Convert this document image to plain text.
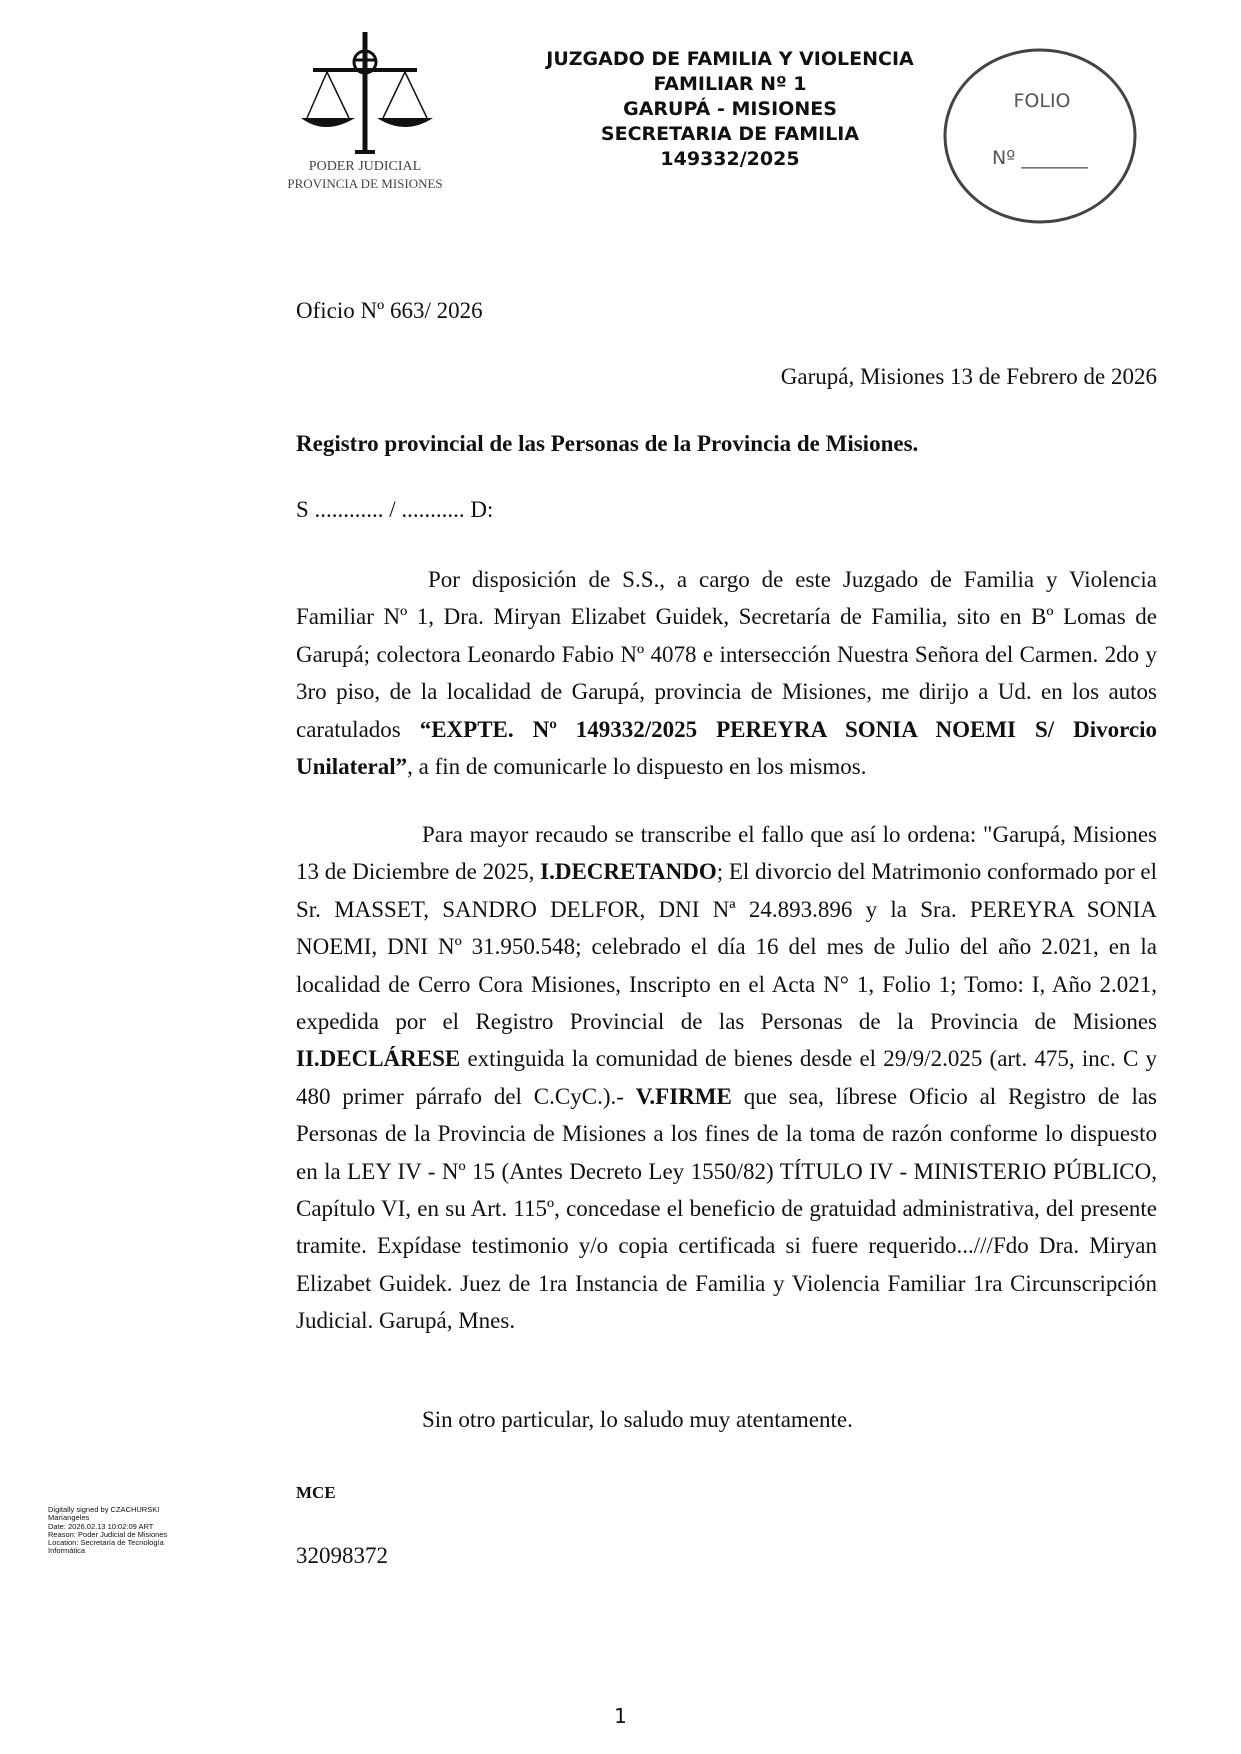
PODER JUDICIAL
PROVINCIA DE MISIONES
JUZGADO DE FAMILIA Y VIOLENCIA
FAMILIAR Nº 1
GARUPÁ - MISIONES
SECRETARIA DE FAMILIA
149332/2025
FOLIO
Nº _______
Oficio Nº 663/ 2026
Garupá, Misiones 13 de Febrero de 2026
Registro provincial de las Personas de la Provincia de Misiones.
S ............ / ........... D:
Por disposición de S.S., a cargo de este Juzgado de Familia y Violencia Familiar Nº 1, Dra. Miryan Elizabet Guidek, Secretaría de Familia, sito en Bº Lomas de Garupá; colectora Leonardo Fabio Nº 4078 e intersección Nuestra Señora del Carmen. 2do y 3ro piso, de la localidad de Garupá, provincia de Misiones, me dirijo a Ud. en los autos caratulados “EXPTE. Nº 149332/2025 PEREYRA SONIA NOEMI S/ Divorcio Unilateral”, a fin de comunicarle lo dispuesto en los mismos.
Para mayor recaudo se transcribe el fallo que así lo ordena: "Garupá, Misiones 13 de Diciembre de 2025, I.DECRETANDO; El divorcio del Matrimonio conformado por el Sr. MASSET, SANDRO DELFOR, DNI Nª 24.893.896 y la Sra. PEREYRA SONIA NOEMI, DNI Nº 31.950.548; celebrado el día 16 del mes de Julio del año 2.021, en la localidad de Cerro Cora Misiones, Inscripto en el Acta N° 1, Folio 1; Tomo: I, Año 2.021, expedida por el Registro Provincial de las Personas de la Provincia de Misiones II.DECLÁRESE extinguida la comunidad de bienes desde el 29/9/2.025 (art. 475, inc. C y 480 primer párrafo del C.CyC.).- V.FIRME que sea, líbrese Oficio al Registro de las Personas de la Provincia de Misiones a los fines de la toma de razón conforme lo dispuesto en la LEY IV - Nº 15 (Antes Decreto Ley 1550/82) TÍTULO IV - MINISTERIO PÚBLICO, Capítulo VI, en su Art. 115º, concedase el beneficio de gratuidad administrativa, del presente tramite. Expídase testimonio y/o copia certificada si fuere requerido...///Fdo Dra. Miryan Elizabet Guidek. Juez de 1ra Instancia de Familia y Violencia Familiar 1ra Circunscripción Judicial. Garupá, Mnes.
Sin otro particular, lo saludo muy atentamente.
MCE
32098372
Digitally signed by CZACHURSKI
Maríangeles
Date: 2026.02.13 10:02:09 ART
Reason: Poder Judicial de Misiones
Location: Secretaría de Tecnología
Informática
1
